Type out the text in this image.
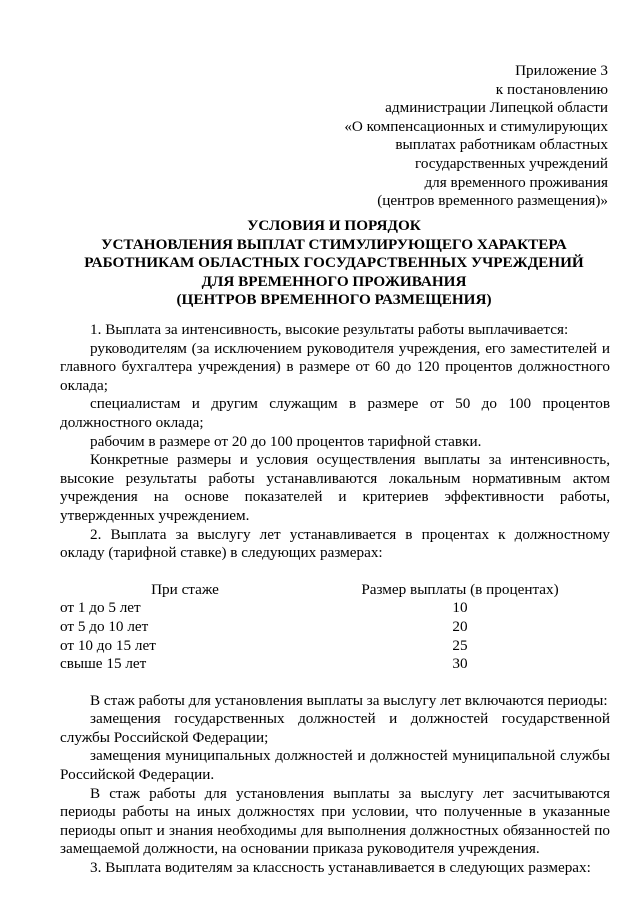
Приложение 3
к постановлению
администрации Липецкой области
«О компенсационных и стимулирующих
выплатах работникам областных
государственных учреждений
для временного проживания
(центров временного размещения)»
УСЛОВИЯ И ПОРЯДОК
УСТАНОВЛЕНИЯ ВЫПЛАТ СТИМУЛИРУЮЩЕГО ХАРАКТЕРА
РАБОТНИКАМ ОБЛАСТНЫХ ГОСУДАРСТВЕННЫХ УЧРЕЖДЕНИЙ
ДЛЯ ВРЕМЕННОГО ПРОЖИВАНИЯ
(ЦЕНТРОВ ВРЕМЕННОГО РАЗМЕЩЕНИЯ)

1. Выплата за интенсивность, высокие результаты работы выплачивается:

руководителям (за исключением руководителя учреждения, его заместителей и главного бухгалтера учреждения) в размере от 60 до 120 процентов должностного оклада;

специалистам и другим служащим в размере от 50 до 100 процентов должностного оклада;

рабочим в размере от 20 до 100 процентов тарифной ставки.

Конкретные размеры и условия осуществления выплаты за интенсивность, высокие результаты работы устанавливаются локальным нормативным актом учреждения на основе показателей и критериев эффективности работы, утвержденных учреждением.

2. Выплата за выслугу лет устанавливается в процентах к должностному окладу (тарифной ставке) в следующих размерах:

При стаже	Размер выплаты (в процентах)
от 1 до 5 лет	10
от 5 до 10 лет	20
от 10 до 15 лет	25
свыше 15 лет	30

В стаж работы для установления выплаты за выслугу лет включаются периоды:

замещения государственных должностей и должностей государственной службы Российской Федерации;

замещения муниципальных должностей и должностей муниципальной службы Российской Федерации.

В стаж работы для установления выплаты за выслугу лет засчитываются периоды работы на иных должностях при условии, что полученные в указанные периоды опыт и знания необходимы для выполнения должностных обязанностей по замещаемой должности, на основании приказа руководителя учреждения.

3. Выплата водителям за классность устанавливается в следующих размерах:
